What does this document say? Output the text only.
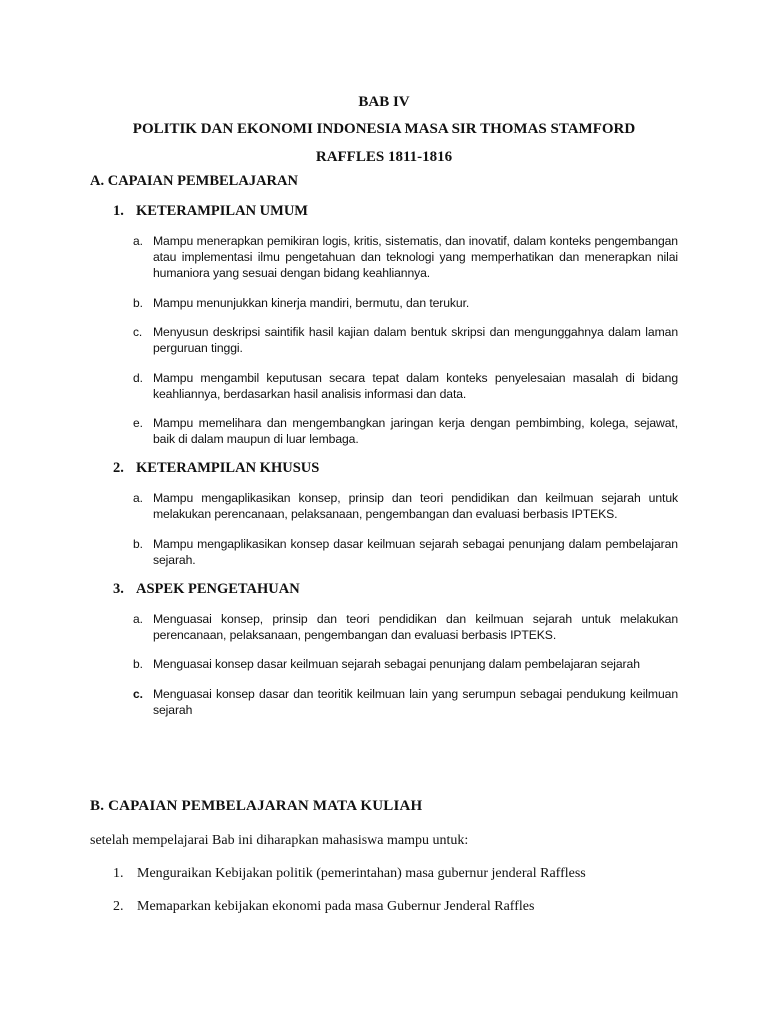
BAB IV
POLITIK DAN EKONOMI INDONESIA MASA SIR THOMAS STAMFORD
RAFFLES 1811-1816
A. CAPAIAN PEMBELAJARAN
1. KETERAMPILAN UMUM
a. Mampu menerapkan pemikiran logis, kritis, sistematis, dan inovatif, dalam konteks pengembangan atau implementasi ilmu pengetahuan dan teknologi yang memperhatikan dan menerapkan nilai humaniora yang sesuai dengan bidang keahliannya.
b. Mampu menunjukkan kinerja mandiri, bermutu, dan terukur.
c. Menyusun deskripsi saintifik hasil kajian dalam bentuk skripsi dan mengunggahnya dalam laman perguruan tinggi.
d. Mampu mengambil keputusan secara tepat dalam konteks penyelesaian masalah di bidang keahliannya, berdasarkan hasil analisis informasi dan data.
e. Mampu memelihara dan mengembangkan jaringan kerja dengan pembimbing, kolega, sejawat, baik di dalam maupun di luar lembaga.
2. KETERAMPILAN KHUSUS
a. Mampu mengaplikasikan konsep, prinsip dan teori pendidikan dan keilmuan sejarah untuk melakukan perencanaan, pelaksanaan, pengembangan dan evaluasi berbasis IPTEKS.
b. Mampu mengaplikasikan konsep dasar keilmuan sejarah sebagai penunjang dalam pembelajaran sejarah.
3. ASPEK PENGETAHUAN
a. Menguasai konsep, prinsip dan teori pendidikan dan keilmuan sejarah untuk melakukan perencanaan, pelaksanaan, pengembangan dan evaluasi berbasis IPTEKS.
b. Menguasai konsep dasar keilmuan sejarah sebagai penunjang dalam pembelajaran sejarah
c. Menguasai konsep dasar dan teoritik keilmuan lain yang serumpun sebagai pendukung keilmuan sejarah
B. CAPAIAN PEMBELAJARAN MATA KULIAH
setelah mempelajarai Bab ini diharapkan mahasiswa mampu untuk:
1. Menguraikan Kebijakan politik (pemerintahan) masa gubernur jenderal Raffless
2. Memaparkan kebijakan ekonomi pada masa Gubernur Jenderal Raffles
